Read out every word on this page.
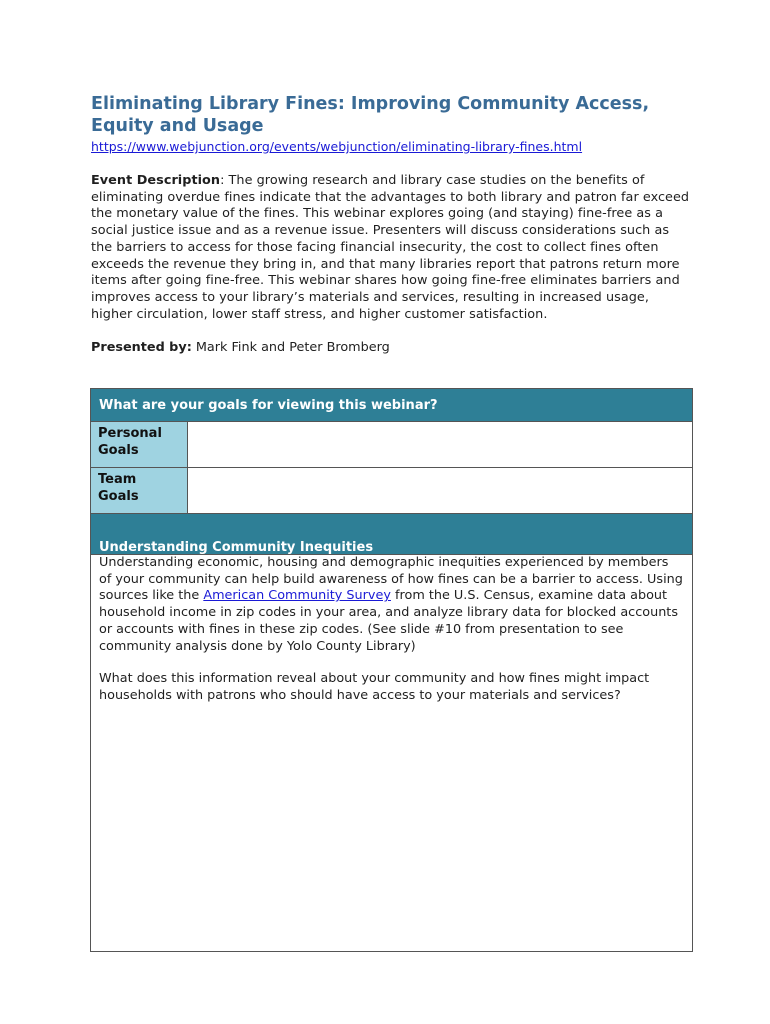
Eliminating Library Fines: Improving Community Access, Equity and Usage
https://www.webjunction.org/events/webjunction/eliminating-library-fines.html
Event Description: The growing research and library case studies on the benefits of eliminating overdue fines indicate that the advantages to both library and patron far exceed the monetary value of the fines. This webinar explores going (and staying) fine-free as a social justice issue and as a revenue issue. Presenters will discuss considerations such as the barriers to access for those facing financial insecurity, the cost to collect fines often exceeds the revenue they bring in, and that many libraries report that patrons return more items after going fine-free. This webinar shares how going fine-free eliminates barriers and improves access to your library’s materials and services, resulting in increased usage, higher circulation, lower staff stress, and higher customer satisfaction.
Presented by: Mark Fink and Peter Bromberg
What are your goals for viewing this webinar?	
Personal Goals	
Team Goals	

Understanding Community Inequities	

Understanding economic, housing and demographic inequities experienced by members of your community can help build awareness of how fines can be a barrier to access. Using sources like the American Community Survey from the U.S. Census, examine data about household income in zip codes in your area, and analyze library data for blocked accounts or accounts with fines in these zip codes. (See slide #10 from presentation to see community analysis done by Yolo County Library)

What does this information reveal about your community and how fines might impact households with patrons who should have access to your materials and services?	
